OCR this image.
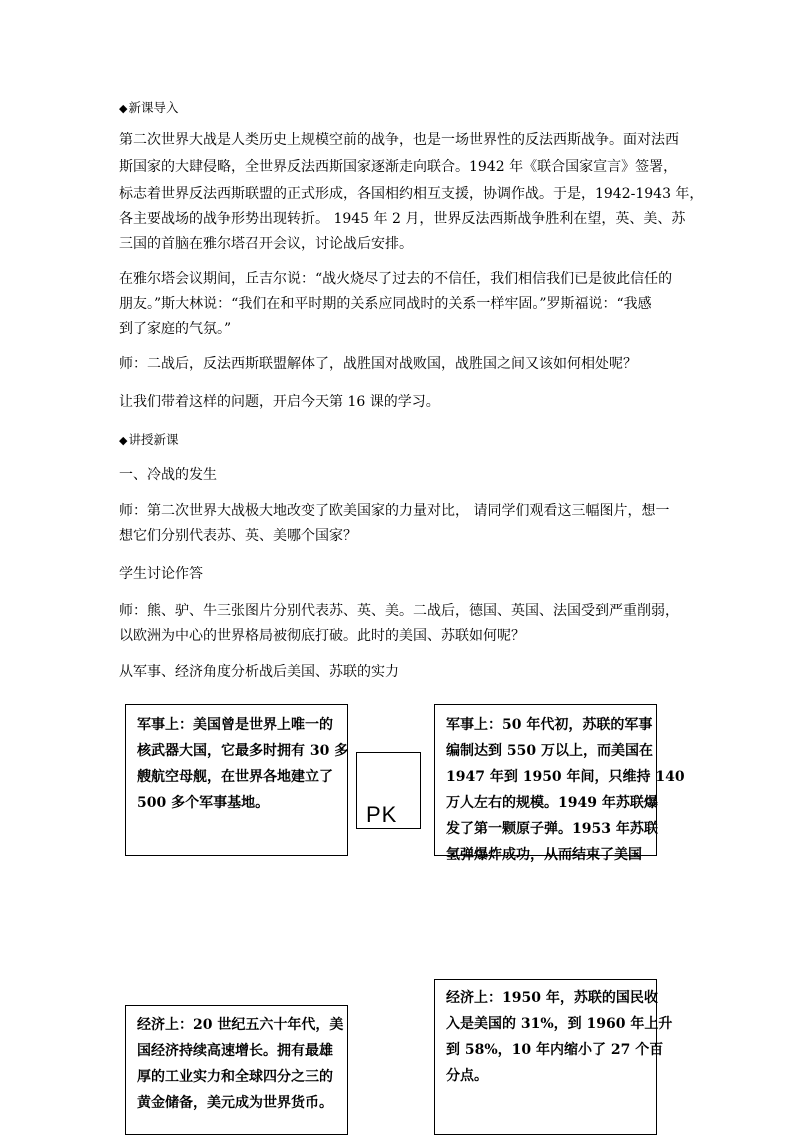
◆新课导入
第二次世界大战是人类历史上规模空前的战争，也是一场世界性的反法西斯战争。面对法西
斯国家的大肆侵略，全世界反法西斯国家逐渐走向联合。1942 年《联合国家宣言》签署，
标志着世界反法西斯联盟的正式形成，各国相约相互支援，协调作战。于是，1942-1943 年，
各主要战场的战争形势出现转折。 1945 年 2 月，世界反法西斯战争胜利在望，英、美、苏
三国的首脑在雅尔塔召开会议，讨论战后安排。
在雅尔塔会议期间，丘吉尔说：“战火烧尽了过去的不信任，我们相信我们已是彼此信任的
朋友。”斯大林说：“我们在和平时期的关系应同战时的关系一样牢固。”罗斯福说：“我感
到了家庭的气氛。”
师：二战后，反法西斯联盟解体了，战胜国对战败国，战胜国之间又该如何相处呢？
让我们带着这样的问题，开启今天第 16 课的学习。
◆讲授新课
一、冷战的发生
师：第二次世界大战极大地改变了欧美国家的力量对比， 请同学们观看这三幅图片，想一
想它们分别代表苏、英、美哪个国家？
学生讨论作答
师：熊、驴、牛三张图片分别代表苏、英、美。二战后，德国、英国、法国受到严重削弱，
以欧洲为中心的世界格局被彻底打破。此时的美国、苏联如何呢？
从军事、经济角度分析战后美国、苏联的实力
军事上：美国曾是世界上唯一的
核武器大国，它最多时拥有 30 多
艘航空母舰，在世界各地建立了
500 多个军事基地。	PK
军事上：50 年代初，苏联的军事
编制达到 550 万以上，而美国在
1947 年到 1950 年间，只维持 140
万人左右的规模。1949 年苏联爆
发了第一颗原子弹。1953 年苏联
氢弹爆炸成功，从而结束了美国
经济上：20 世纪五六十年代，美
国经济持续高速增长。拥有最雄
厚的工业实力和全球四分之三的
黄金储备，美元成为世界货币。
经济上：1950 年，苏联的国民收
入是美国的 31%，到 1960 年上升
到 58%，10 年内缩小了 27 个百
分点。
